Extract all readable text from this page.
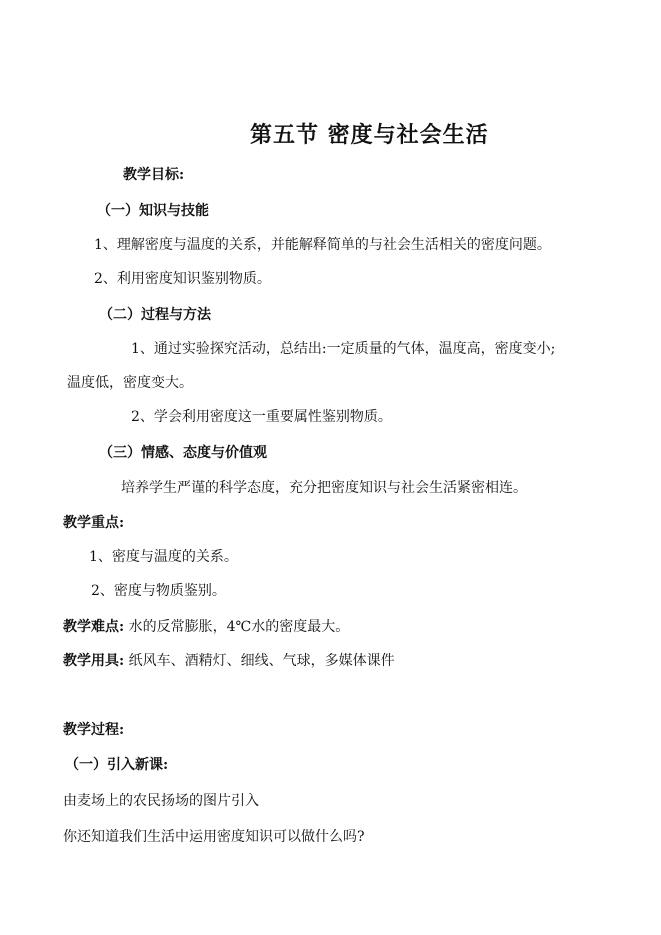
第五节 密度与社会生活
教学目标:
（一）知识与技能
1、理解密度与温度的关系，并能解释简单的与社会生活相关的密度问题。
2、利用密度知识鉴别物质。
（二）过程与方法
1、通过实验探究活动，总结出:一定质量的气体，温度高，密度变小;
温度低，密度变大。
2、学会利用密度这一重要属性鉴别物质。
（三）情感、态度与价值观
培养学生严谨的科学态度，充分把密度知识与社会生活紧密相连。
教学重点:
1、密度与温度的关系。
2、密度与物质鉴别。
教学难点: 水的反常膨胀，4℃水的密度最大。
教学用具: 纸风车、酒精灯、细线、气球，多媒体课件
教学过程:
（一）引入新课:
由麦场上的农民扬场的图片引入
你还知道我们生活中运用密度知识可以做什么吗?
